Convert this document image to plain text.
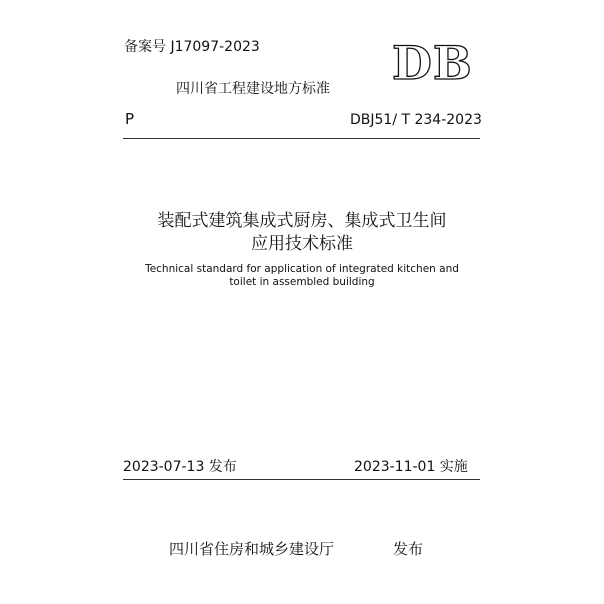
备案号 J17097-2023
四川省工程建设地方标准 DB
P	DBJ51/ T 234-2023
装配式建筑集成式厨房、集成式卫生间
应用技术标准
Technical standard for application of integrated kitchen and
toilet in assembled building
2023-07-13 发布	2023-11-01 实施
四川省住房和城乡建设厅	发布
